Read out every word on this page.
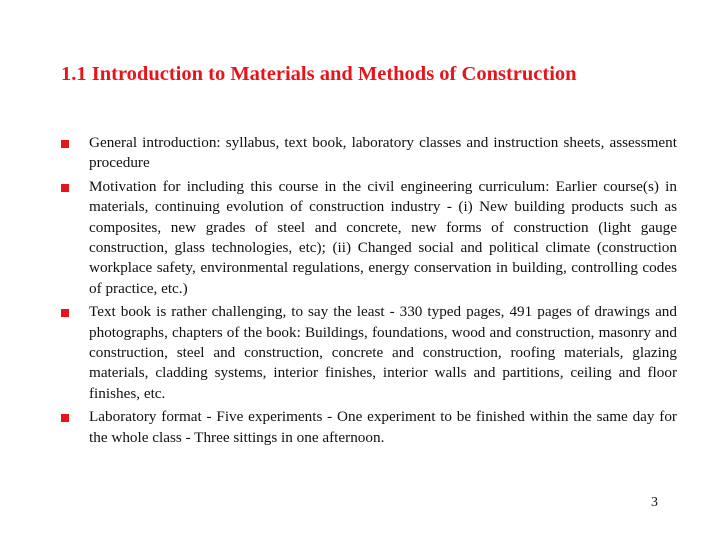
1.1 Introduction to Materials and Methods of Construction
General introduction: syllabus, text book, laboratory classes and instruction sheets, assessment procedure
Motivation for including this course in the civil engineering curriculum: Earlier course(s) in materials, continuing evolution of construction industry - (i) New building products such as composites, new grades of steel and concrete, new forms of construction (light gauge construction, glass technologies, etc); (ii) Changed social and political climate (construction workplace safety, environmental regulations, energy conservation in building, controlling codes of practice, etc.)
Text book is rather challenging, to say the least - 330 typed pages, 491 pages of drawings and photographs, chapters of the book: Buildings, foundations, wood and construction, masonry and construction, steel and construction, concrete and construction, roofing materials, glazing materials, cladding systems, interior finishes, interior walls and partitions, ceiling and floor finishes, etc.
Laboratory format - Five experiments - One experiment to be finished within the same day for the whole class - Three sittings in one afternoon.
3
